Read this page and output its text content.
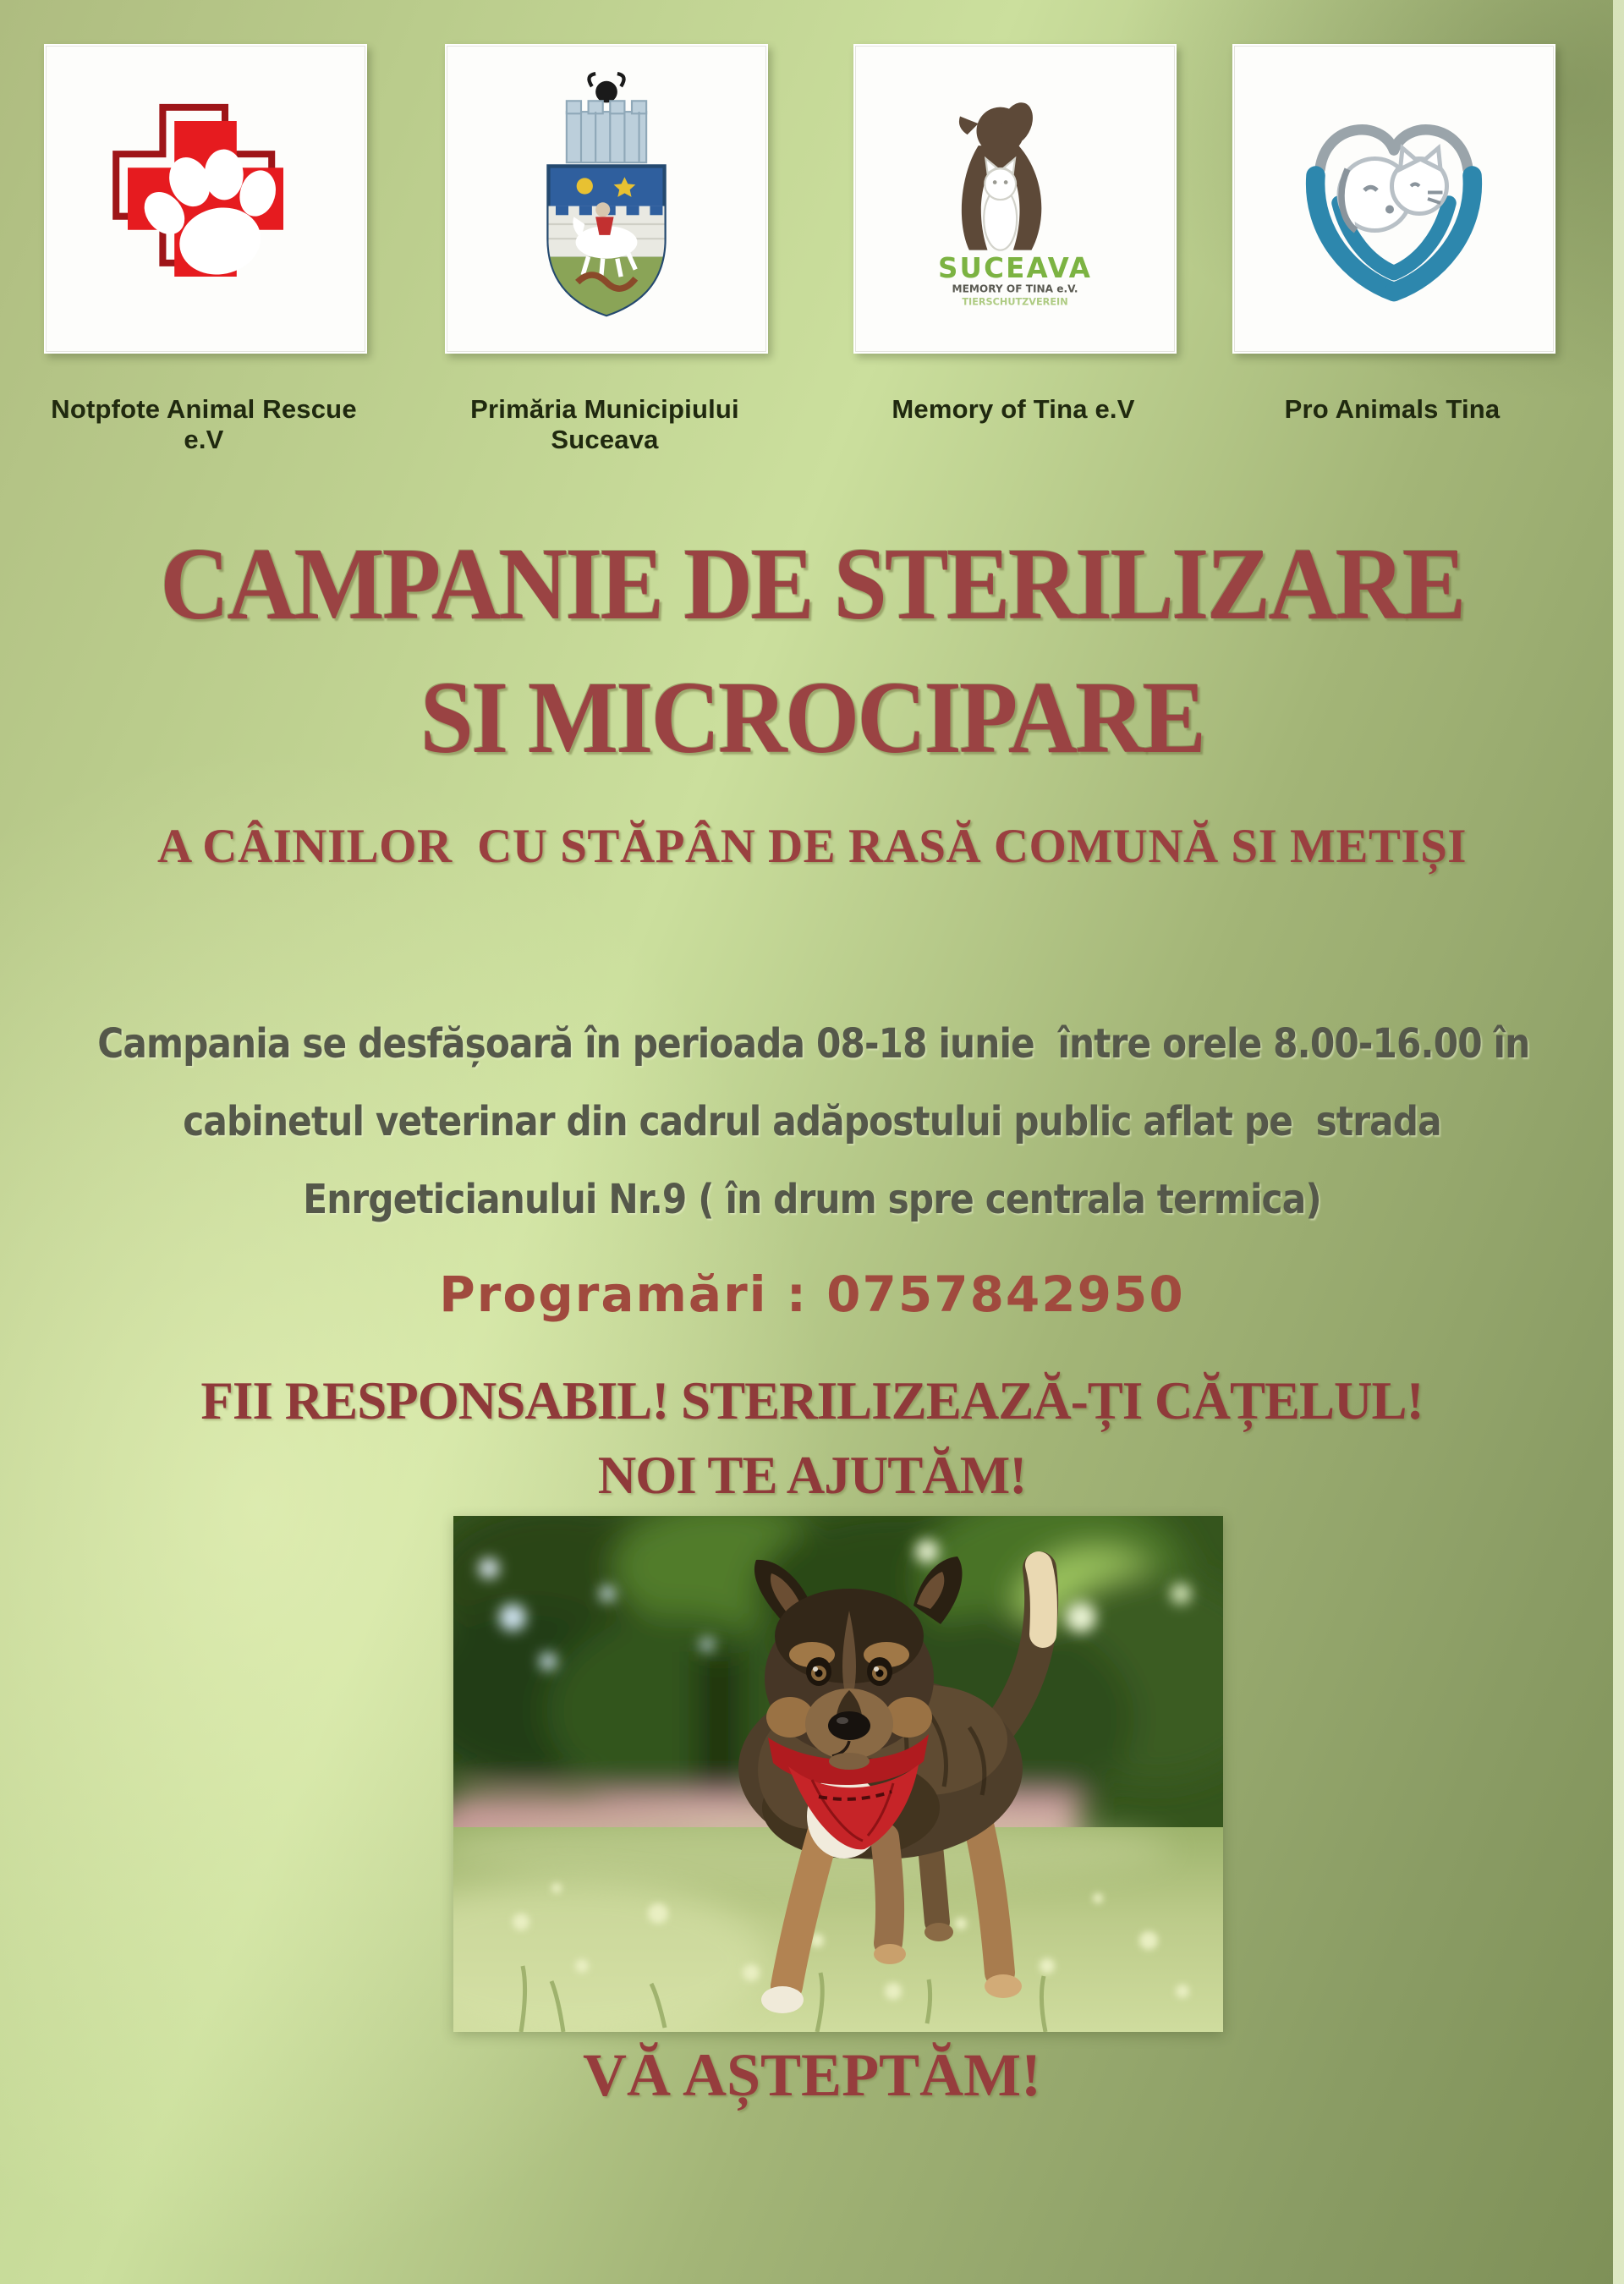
SUCEAVA
MEMORY OF TINA e.V.
TIERSCHUTZVEREIN
Notpfote Animal Rescue e.V
Primăria Municipiului Suceava
Memory of Tina e.V	Pro Animals Tina
CAMPANIE DE STERILIZARE
SI MICROCIPARE
A CÂINILOR  CU STĂPÂN DE RASĂ COMUNĂ SI METIȘI
Campania se desfășoară în perioada 08-18 iunie  între orele 8.00-16.00 în
cabinetul veterinar din cadrul adăpostului public aflat pe  strada
Enrgeticianului Nr.9 ( în drum spre centrala termica)
Programări : 0757842950
FII RESPONSABIL! STERILIZEAZĂ-ȚI CĂȚELUL!
NOI TE AJUTĂM!
VĂ AȘTEPTĂM!
